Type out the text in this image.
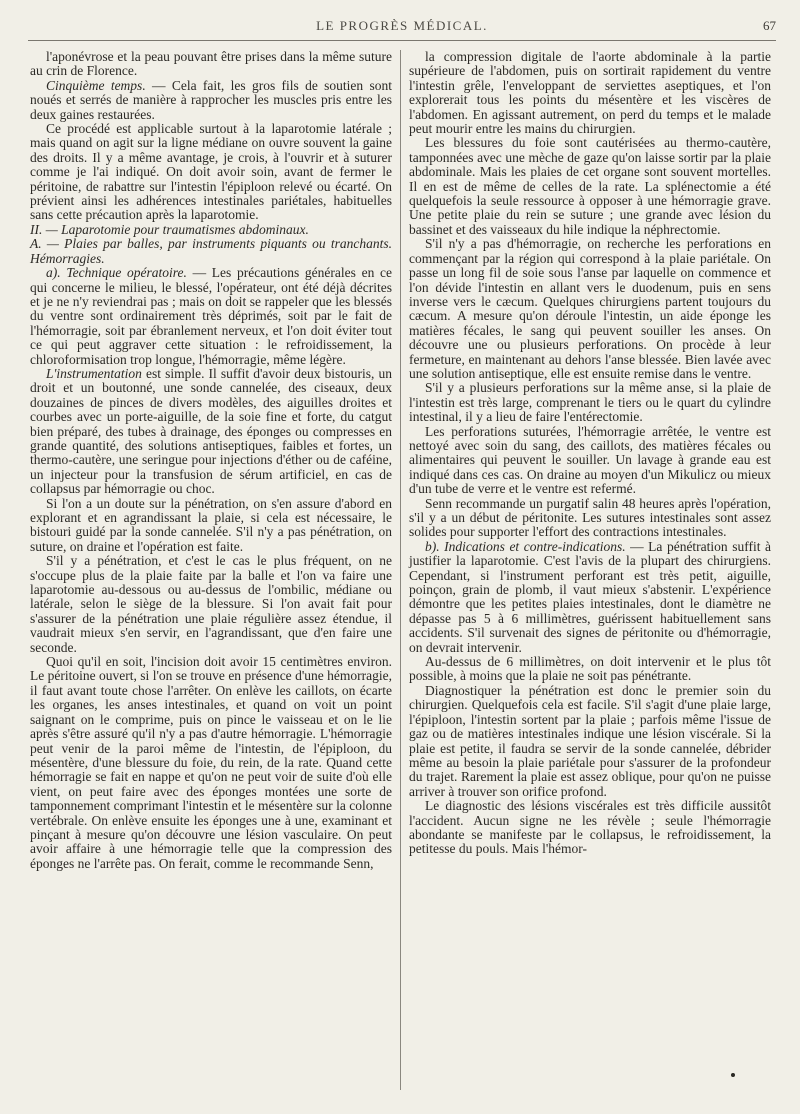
LE PROGRÈS MÉDICAL.	67

l'aponévrose et la peau pouvant être prises dans la même suture au crin de Florence.

Cinquième temps. — Cela fait, les gros fils de soutien sont noués et serrés de manière à rapprocher les muscles pris entre les deux gaines restaurées.

Ce procédé est applicable surtout à la laparotomie latérale ; mais quand on agit sur la ligne médiane on ouvre souvent la gaine des droits. Il y a même avantage, je crois, à l'ouvrir et à suturer comme je l'ai indiqué. On doit avoir soin, avant de fermer le péritoine, de rabattre sur l'intestin l'épiploon relevé ou écarté. On prévient ainsi les adhérences intestinales pariétales, habituelles sans cette précaution après la laparotomie.

II. — Laparotomie pour traumatismes abdominaux.

A. — Plaies par balles, par instruments piquants ou tranchants. Hémorragies.

a). Technique opératoire. — Les précautions générales en ce qui concerne le milieu, le blessé, l'opérateur, ont été déjà décrites et je ne n'y reviendrai pas ; mais on doit se rappeler que les blessés du ventre sont ordinairement très déprimés, soit par le fait de l'hémorragie, soit par ébranlement nerveux, et l'on doit éviter tout ce qui peut aggraver cette situation : le refroidissement, la chloroformisation trop longue, l'hémorragie, même légère.

L'instrumentation est simple. Il suffit d'avoir deux bistouris, un droit et un boutonné, une sonde cannelée, des ciseaux, deux douzaines de pinces de divers modèles, des aiguilles droites et courbes avec un porte-aiguille, de la soie fine et forte, du catgut bien préparé, des tubes à drainage, des éponges ou compresses en grande quantité, des solutions antiseptiques, faibles et fortes, un thermo-cautère, une seringue pour injections d'éther ou de caféine, un injecteur pour la transfusion de sérum artificiel, en cas de collapsus par hémorragie ou choc.

Si l'on a un doute sur la pénétration, on s'en assure d'abord en explorant et en agrandissant la plaie, si cela est nécessaire, le bistouri guidé par la sonde cannelée. S'il n'y a pas pénétration, on suture, on draine et l'opération est faite.

S'il y a pénétration, et c'est le cas le plus fréquent, on ne s'occupe plus de la plaie faite par la balle et l'on va faire une laparotomie au-dessous ou au-dessus de l'ombilic, médiane ou latérale, selon le siège de la blessure. Si l'on avait fait pour s'assurer de la pénétration une plaie régulière assez étendue, il vaudrait mieux s'en servir, en l'agrandissant, que d'en faire une seconde.

Quoi qu'il en soit, l'incision doit avoir 15 centimètres environ. Le péritoine ouvert, si l'on se trouve en présence d'une hémorragie, il faut avant toute chose l'arrêter. On enlève les caillots, on écarte les organes, les anses intestinales, et quand on voit un point saignant on le comprime, puis on pince le vaisseau et on le lie après s'être assuré qu'il n'y a pas d'autre hémorragie. L'hémorragie peut venir de la paroi même de l'intestin, de l'épiploon, du mésentère, d'une blessure du foie, du rein, de la rate. Quand cette hémorragie se fait en nappe et qu'on ne peut voir de suite d'où elle vient, on peut faire avec des éponges montées une sorte de tamponnement comprimant l'intestin et le mésentère sur la colonne vertébrale. On enlève ensuite les éponges une à une, examinant et pinçant à mesure qu'on découvre une lésion vasculaire. On peut avoir affaire à une hémorragie telle que la compression des éponges ne l'arrête pas. On ferait, comme le recommande Senn,

la compression digitale de l'aorte abdominale à la partie supérieure de l'abdomen, puis on sortirait rapidement du ventre l'intestin grêle, l'enveloppant de serviettes aseptiques, et l'on explorerait tous les points du mésentère et les viscères de l'abdomen. En agissant autrement, on perd du temps et le malade peut mourir entre les mains du chirurgien.

Les blessures du foie sont cautérisées au thermo-cautère, tamponnées avec une mèche de gaze qu'on laisse sortir par la plaie abdominale. Mais les plaies de cet organe sont souvent mortelles. Il en est de même de celles de la rate. La splénectomie a été quelquefois la seule ressource à opposer à une hémorragie grave. Une petite plaie du rein se suture ; une grande avec lésion du bassinet et des vaisseaux du hile indique la néphrectomie.

S'il n'y a pas d'hémorragie, on recherche les perforations en commençant par la région qui correspond à la plaie pariétale. On passe un long fil de soie sous l'anse par laquelle on commence et l'on dévide l'intestin en allant vers le duodenum, puis en sens inverse vers le cæcum. Quelques chirurgiens partent toujours du cæcum. A mesure qu'on déroule l'intestin, un aide éponge les matières fécales, le sang qui peuvent souiller les anses. On découvre une ou plusieurs perforations. On procède à leur fermeture, en maintenant au dehors l'anse blessée. Bien lavée avec une solution antiseptique, elle est ensuite remise dans le ventre.

S'il y a plusieurs perforations sur la même anse, si la plaie de l'intestin est très large, comprenant le tiers ou le quart du cylindre intestinal, il y a lieu de faire l'entérectomie.

Les perforations suturées, l'hémorragie arrêtée, le ventre est nettoyé avec soin du sang, des caillots, des matières fécales ou alimentaires qui peuvent le souiller. Un lavage à grande eau est indiqué dans ces cas. On draine au moyen d'un Mikulicz ou mieux d'un tube de verre et le ventre est refermé.

Senn recommande un purgatif salin 48 heures après l'opération, s'il y a un début de péritonite. Les sutures intestinales sont assez solides pour supporter l'effort des contractions intestinales.

b). Indications et contre-indications. — La pénétration suffit à justifier la laparotomie. C'est l'avis de la plupart des chirurgiens. Cependant, si l'instrument perforant est très petit, aiguille, poinçon, grain de plomb, il vaut mieux s'abstenir. L'expérience démontre que les petites plaies intestinales, dont le diamètre ne dépasse pas 5 à 6 millimètres, guérissent habituellement sans accidents. S'il survenait des signes de péritonite ou d'hémorragie, on devrait intervenir.

Au-dessus de 6 millimètres, on doit intervenir et le plus tôt possible, à moins que la plaie ne soit pas pénétrante.

Diagnostiquer la pénétration est donc le premier soin du chirurgien. Quelquefois cela est facile. S'il s'agit d'une plaie large, l'épiploon, l'intestin sortent par la plaie ; parfois même l'issue de gaz ou de matières intestinales indique une lésion viscérale. Si la plaie est petite, il faudra se servir de la sonde cannelée, débrider même au besoin la plaie pariétale pour s'assurer de la profondeur du trajet. Rarement la plaie est assez oblique, pour qu'on ne puisse arriver à trouver son orifice profond.

Le diagnostic des lésions viscérales est très difficile aussitôt l'accident. Aucun signe ne les révèle ; seule l'hémorragie abondante se manifeste par le collapsus, le refroidissement, la petitesse du pouls. Mais l'hémor-
